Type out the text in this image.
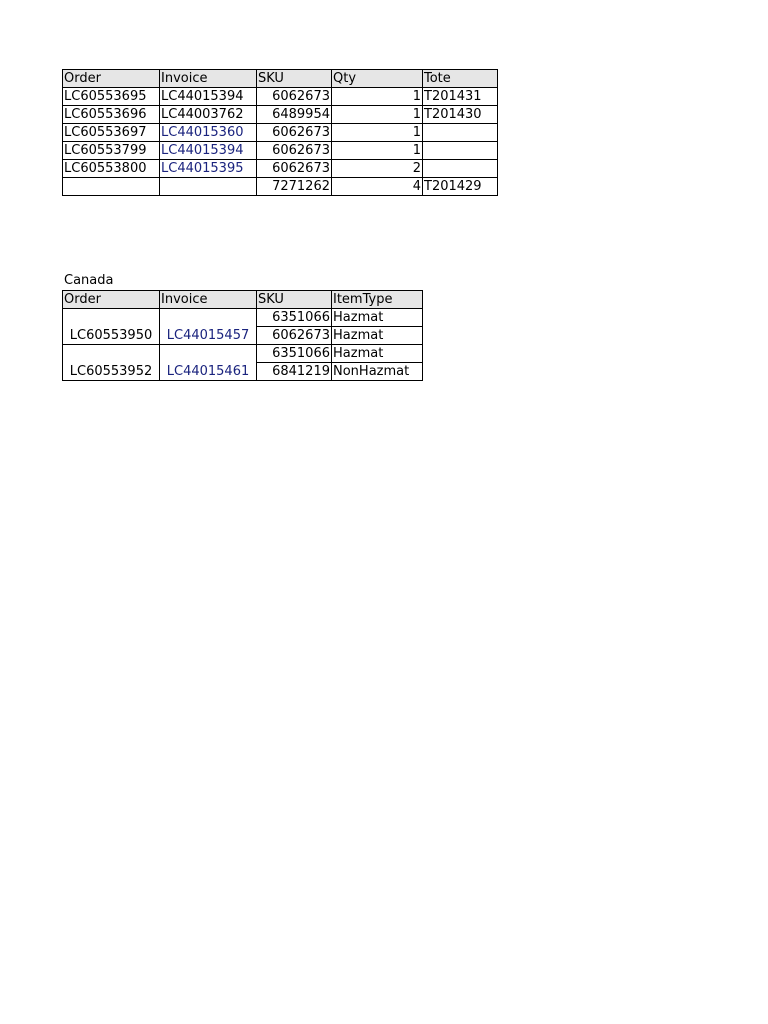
Order	Invoice	SKU	Qty	Tote
LC60553695	LC44015394	6062673	1	T201431
LC60553696	LC44003762	6489954	1	T201430
LC60553697	LC44015360	6062673	1	
LC60553799	LC44015394	6062673	1	
LC60553800	LC44015395	6062673	2	
		7271262	4	T201429
Canada
Order	Invoice	SKU	ItemType
LC60553950	LC44015457	6351066	Hazmat
		6062673	Hazmat
LC60553952	LC44015461	6351066	Hazmat
		6841219	NonHazmat
